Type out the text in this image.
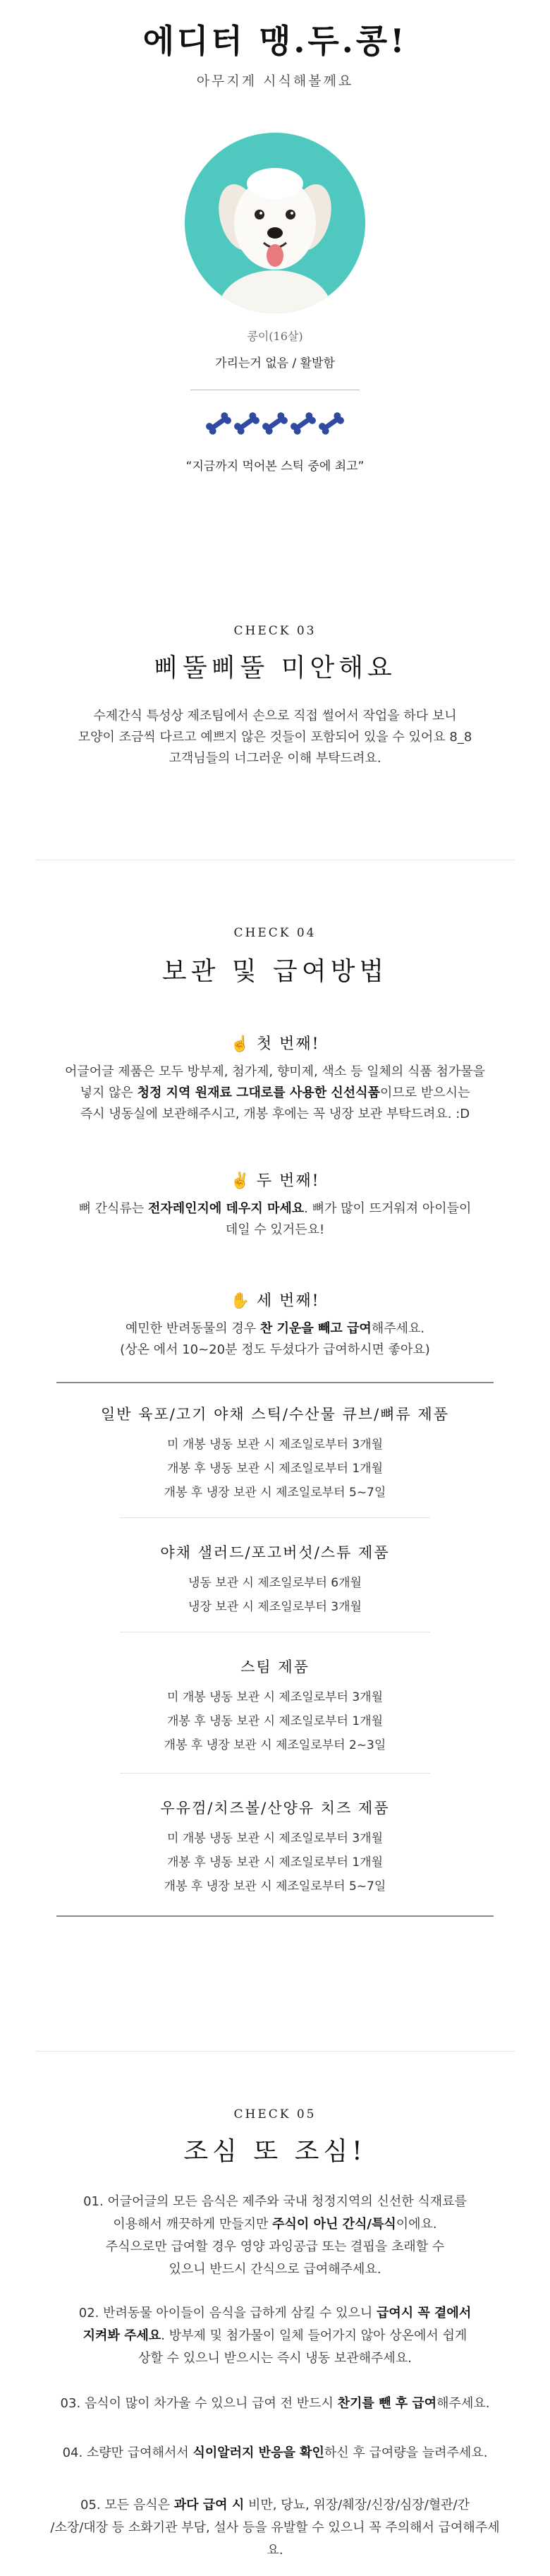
에디터 맹.두.콩!
아무지게 시식해볼께요
콩이(16살)
가리는거 없음 / 활발함
“지금까지 먹어본 스틱 중에 최고”
CHECK 03
삐뚤삐뚤 미안해요
수제간식 특성상 제조팀에서 손으로 직접 썰어서 작업을 하다 보니
모양이 조금씩 다르고 예쁘지 않은 것들이 포함되어 있을 수 있어요 8_8
고객님들의 너그러운 이해 부탁드려요.
CHECK 04
보관 및 급여방법
☝ 첫 번째!
어글어글 제품은 모두 방부제, 첨가제, 향미제, 색소 등 일체의 식품 첨가물을
넣지 않은 청정 지역 원재료 그대로를 사용한 신선식품이므로 받으시는
즉시 냉동실에 보관해주시고, 개봉 후에는 꼭 냉장 보관 부탁드려요. :D
✌ 두 번째!
뼈 간식류는 전자레인지에 데우지 마세요. 뼈가 많이 뜨거워져 아이들이
데일 수 있거든요!
✋ 세 번째!
예민한 반려동물의 경우 찬 기운을 빼고 급여해주세요.
(상온 에서 10~20분 정도 두셨다가 급여하시면 좋아요)
일반 육포/고기 야채 스틱/수산물 큐브/뼈류 제품
미 개봉 냉동 보관 시 제조일로부터 3개월
개봉 후 냉동 보관 시 제조일로부터 1개월
개봉 후 냉장 보관 시 제조일로부터 5~7일
야채 샐러드/포고버섯/스튜 제품
냉동 보관 시 제조일로부터 6개월
냉장 보관 시 제조일로부터 3개월
스팀 제품
미 개봉 냉동 보관 시 제조일로부터 3개월
개봉 후 냉동 보관 시 제조일로부터 1개월
개봉 후 냉장 보관 시 제조일로부터 2~3일
우유껌/치즈볼/산양유 치즈 제품
미 개봉 냉동 보관 시 제조일로부터 3개월
개봉 후 냉동 보관 시 제조일로부터 1개월
개봉 후 냉장 보관 시 제조일로부터 5~7일
CHECK 05
조심 또 조심!
01. 어글어글의 모든 음식은 제주와 국내 청정지역의 신선한 식재료를
이용해서 깨끗하게 만들지만 주식이 아닌 간식/특식이에요.
주식으로만 급여할 경우 영양 과잉공급 또는 결핍을 초래할 수
있으니 반드시 간식으로 급여해주세요.
02. 반려동물 아이들이 음식을 급하게 삼킬 수 있으니 급여시 꼭 곁에서
지켜봐 주세요. 방부제 및 첨가물이 일체 들어가지 않아 상온에서 쉽게
상할 수 있으니 받으시는 즉시 냉동 보관해주세요.
03. 음식이 많이 차가울 수 있으니 급여 전 반드시 찬기를 뺀 후 급여해주세요.
04. 소량만 급여해서서 식이알러지 반응을 확인하신 후 급여량을 늘려주세요.
05. 모든 음식은 과다 급여 시 비만, 당뇨, 위장/췌장/신장/심장/혈관/간
/소장/대장 등 소화기관 부담, 설사 등을 유발할 수 있으니 꼭 주의해서 급여해주세요.
